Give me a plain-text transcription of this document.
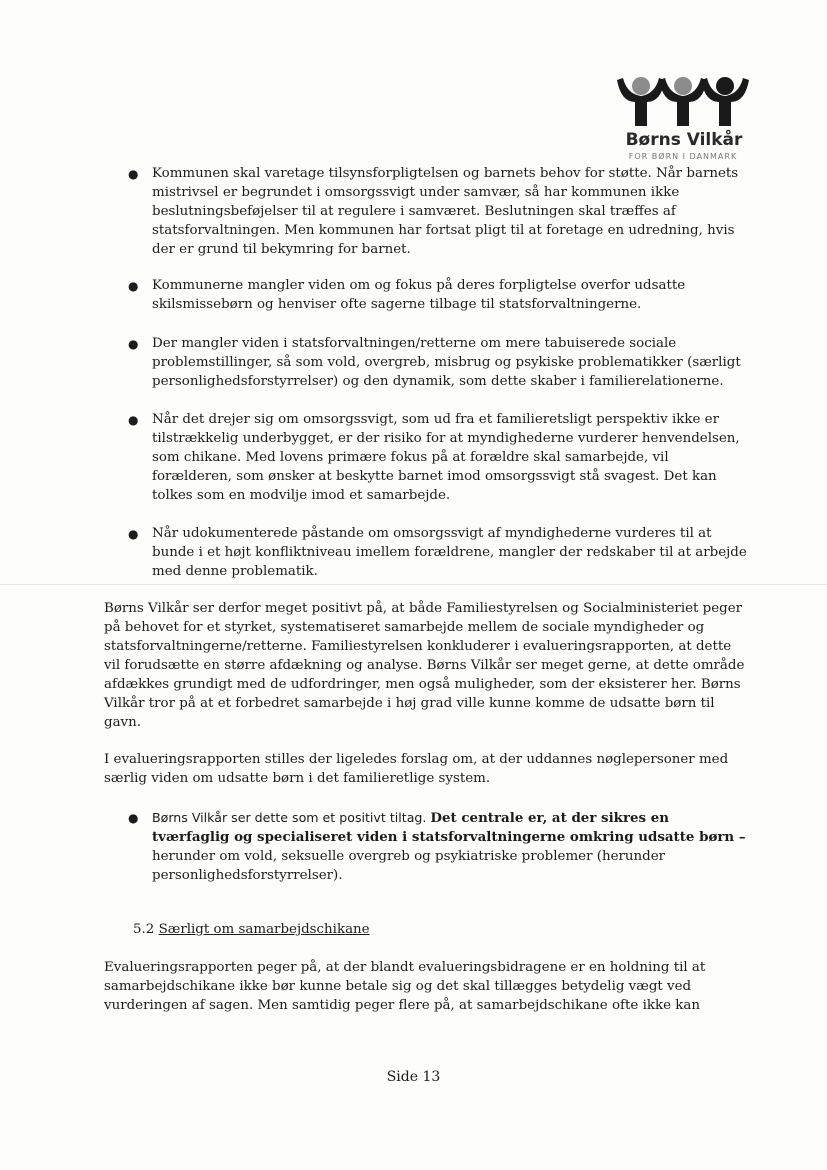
Børns Vilkår
FOR BØRN I DANMARK
● Kommunen skal varetage tilsynsforpligtelsen og barnets behov for støtte. Når barnets
mistrivsel er begrundet i omsorgssvigt under samvær, så har kommunen ikke
beslutningsbeføjelser til at regulere i samværet. Beslutningen skal træffes af
statsforvaltningen. Men kommunen har fortsat pligt til at foretage en udredning, hvis
der er grund til bekymring for barnet.

● Kommunerne mangler viden om og fokus på deres forpligtelse overfor udsatte
skilsmissebørn og henviser ofte sagerne tilbage til statsforvaltningerne.

● Der mangler viden i statsforvaltningen/retterne om mere tabuiserede sociale
problemstillinger, så som vold, overgreb, misbrug og psykiske problematikker (særligt
personlighedsforstyrrelser) og den dynamik, som dette skaber i familierelationerne.

● Når det drejer sig om omsorgssvigt, som ud fra et familieretsligt perspektiv ikke er
tilstrækkelig underbygget, er der risiko for at myndighederne vurderer henvendelsen,
som chikane. Med lovens primære fokus på at forældre skal samarbejde, vil
forælderen, som ønsker at beskytte barnet imod omsorgssvigt stå svagest. Det kan
tolkes som en modvilje imod et samarbejde.

● Når udokumenterede påstande om omsorgssvigt af myndighederne vurderes til at
bunde i et højt konfliktniveau imellem forældrene, mangler der redskaber til at arbejde
med denne problematik.

Børns Vilkår ser derfor meget positivt på, at både Familiestyrelsen og Socialministeriet peger
på behovet for et styrket, systematiseret samarbejde mellem de sociale myndigheder og
statsforvaltningerne/retterne. Familiestyrelsen konkluderer i evalueringsrapporten, at dette
vil forudsætte en større afdækning og analyse. Børns Vilkår ser meget gerne, at dette område
afdækkes grundigt med de udfordringer, men også muligheder, som der eksisterer her. Børns
Vilkår tror på at et forbedret samarbejde i høj grad ville kunne komme de udsatte børn til
gavn.

I evalueringsrapporten stilles der ligeledes forslag om, at der uddannes nøglepersoner med
særlig viden om udsatte børn i det familieretlige system.

● Børns Vilkår ser dette som et positivt tiltag. Det centrale er, at der sikres en
tværfaglig og specialiseret viden i statsforvaltningerne omkring udsatte børn –
herunder om vold, seksuelle overgreb og psykiatriske problemer (herunder
personlighedsforstyrrelser).

5.2 Særligt om samarbejdschikane

Evalueringsrapporten peger på, at der blandt evalueringsbidragene er en holdning til at
samarbejdschikane ikke bør kunne betale sig og det skal tillægges betydelig vægt ved
vurderingen af sagen. Men samtidig peger flere på, at samarbejdschikane ofte ikke kan

Side 13
